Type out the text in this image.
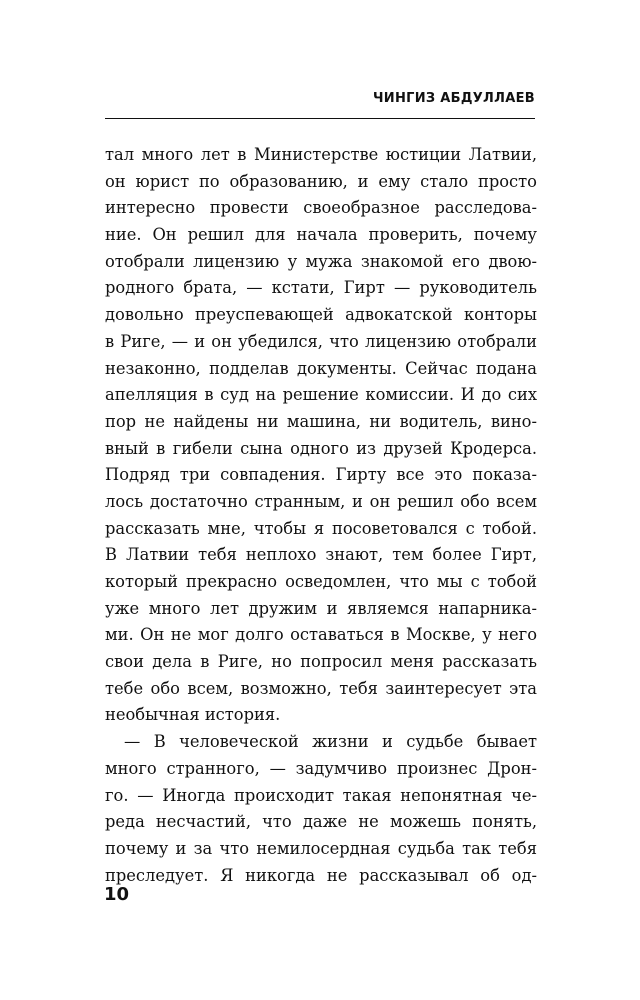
ЧИНГИЗ АБДУЛЛАЕВ
тал много лет в Министерстве юстиции Латвии,
он юрист по образованию, и ему стало просто
интересно провести своеобразное расследова-
ние. Он решил для начала проверить, почему
отобрали лицензию у мужа знакомой его двою-
родного брата, — кстати, Гирт — руководитель
довольно преуспевающей адвокатской конторы
в Риге, — и он убедился, что лицензию отобрали
незаконно, подделав документы. Сейчас подана
апелляция в суд на решение комиссии. И до сих
пор не найдены ни машина, ни водитель, вино-
вный в гибели сына одного из друзей Кродерса.
Подряд три совпадения. Гирту все это показа-
лось достаточно странным, и он решил обо всем
рассказать мне, чтобы я посоветовался с тобой.
В Латвии тебя неплохо знают, тем более Гирт,
который прекрасно осведомлен, что мы с тобой
уже много лет дружим и являемся напарника-
ми. Он не мог долго оставаться в Москве, у него
свои дела в Риге, но попросил меня рассказать
тебе обо всем, возможно, тебя заинтересует эта
необычная история.
— В человеческой жизни и судьбе бывает
много странного, — задумчиво произнес Дрон-
го. — Иногда происходит такая непонятная че-
реда несчастий, что даже не можешь понять,
почему и за что немилосердная судьба так тебя
преследует. Я никогда не рассказывал об од-
10
